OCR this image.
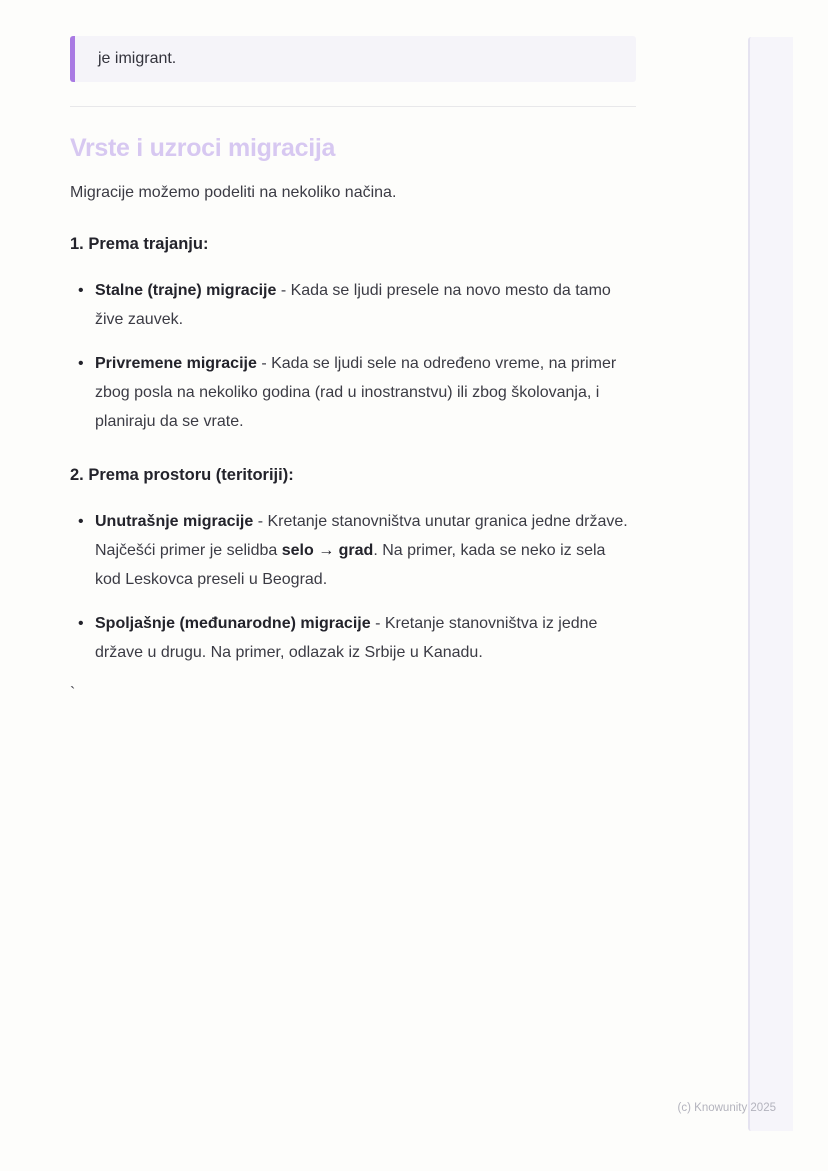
je imigrant.
Vrste i uzroci migracija

Migracije možemo podeliti na nekoliko načina.

1. Prema trajanju:
• Stalne (trajne) migracije - Kada se ljudi presele na novo mesto da tamo žive zauvek.
• Privremene migracije - Kada se ljudi sele na određeno vreme, na primer zbog posla na nekoliko godina (rad u inostranstvu) ili zbog školovanja, i planiraju da se vrate.
2. Prema prostoru (teritoriji):
• Unutrašnje migracije - Kretanje stanovništva unutar granica jedne države. Najčešći primer je selidba selo → grad. Na primer, kada se neko iz sela kod Leskovca preseli u Beograd.
• Spoljašnje (međunarodne) migracije - Kretanje stanovništva iz jedne države u drugu. Na primer, odlazak iz Srbije u Kanadu.

`

(c) Knowunity 2025
